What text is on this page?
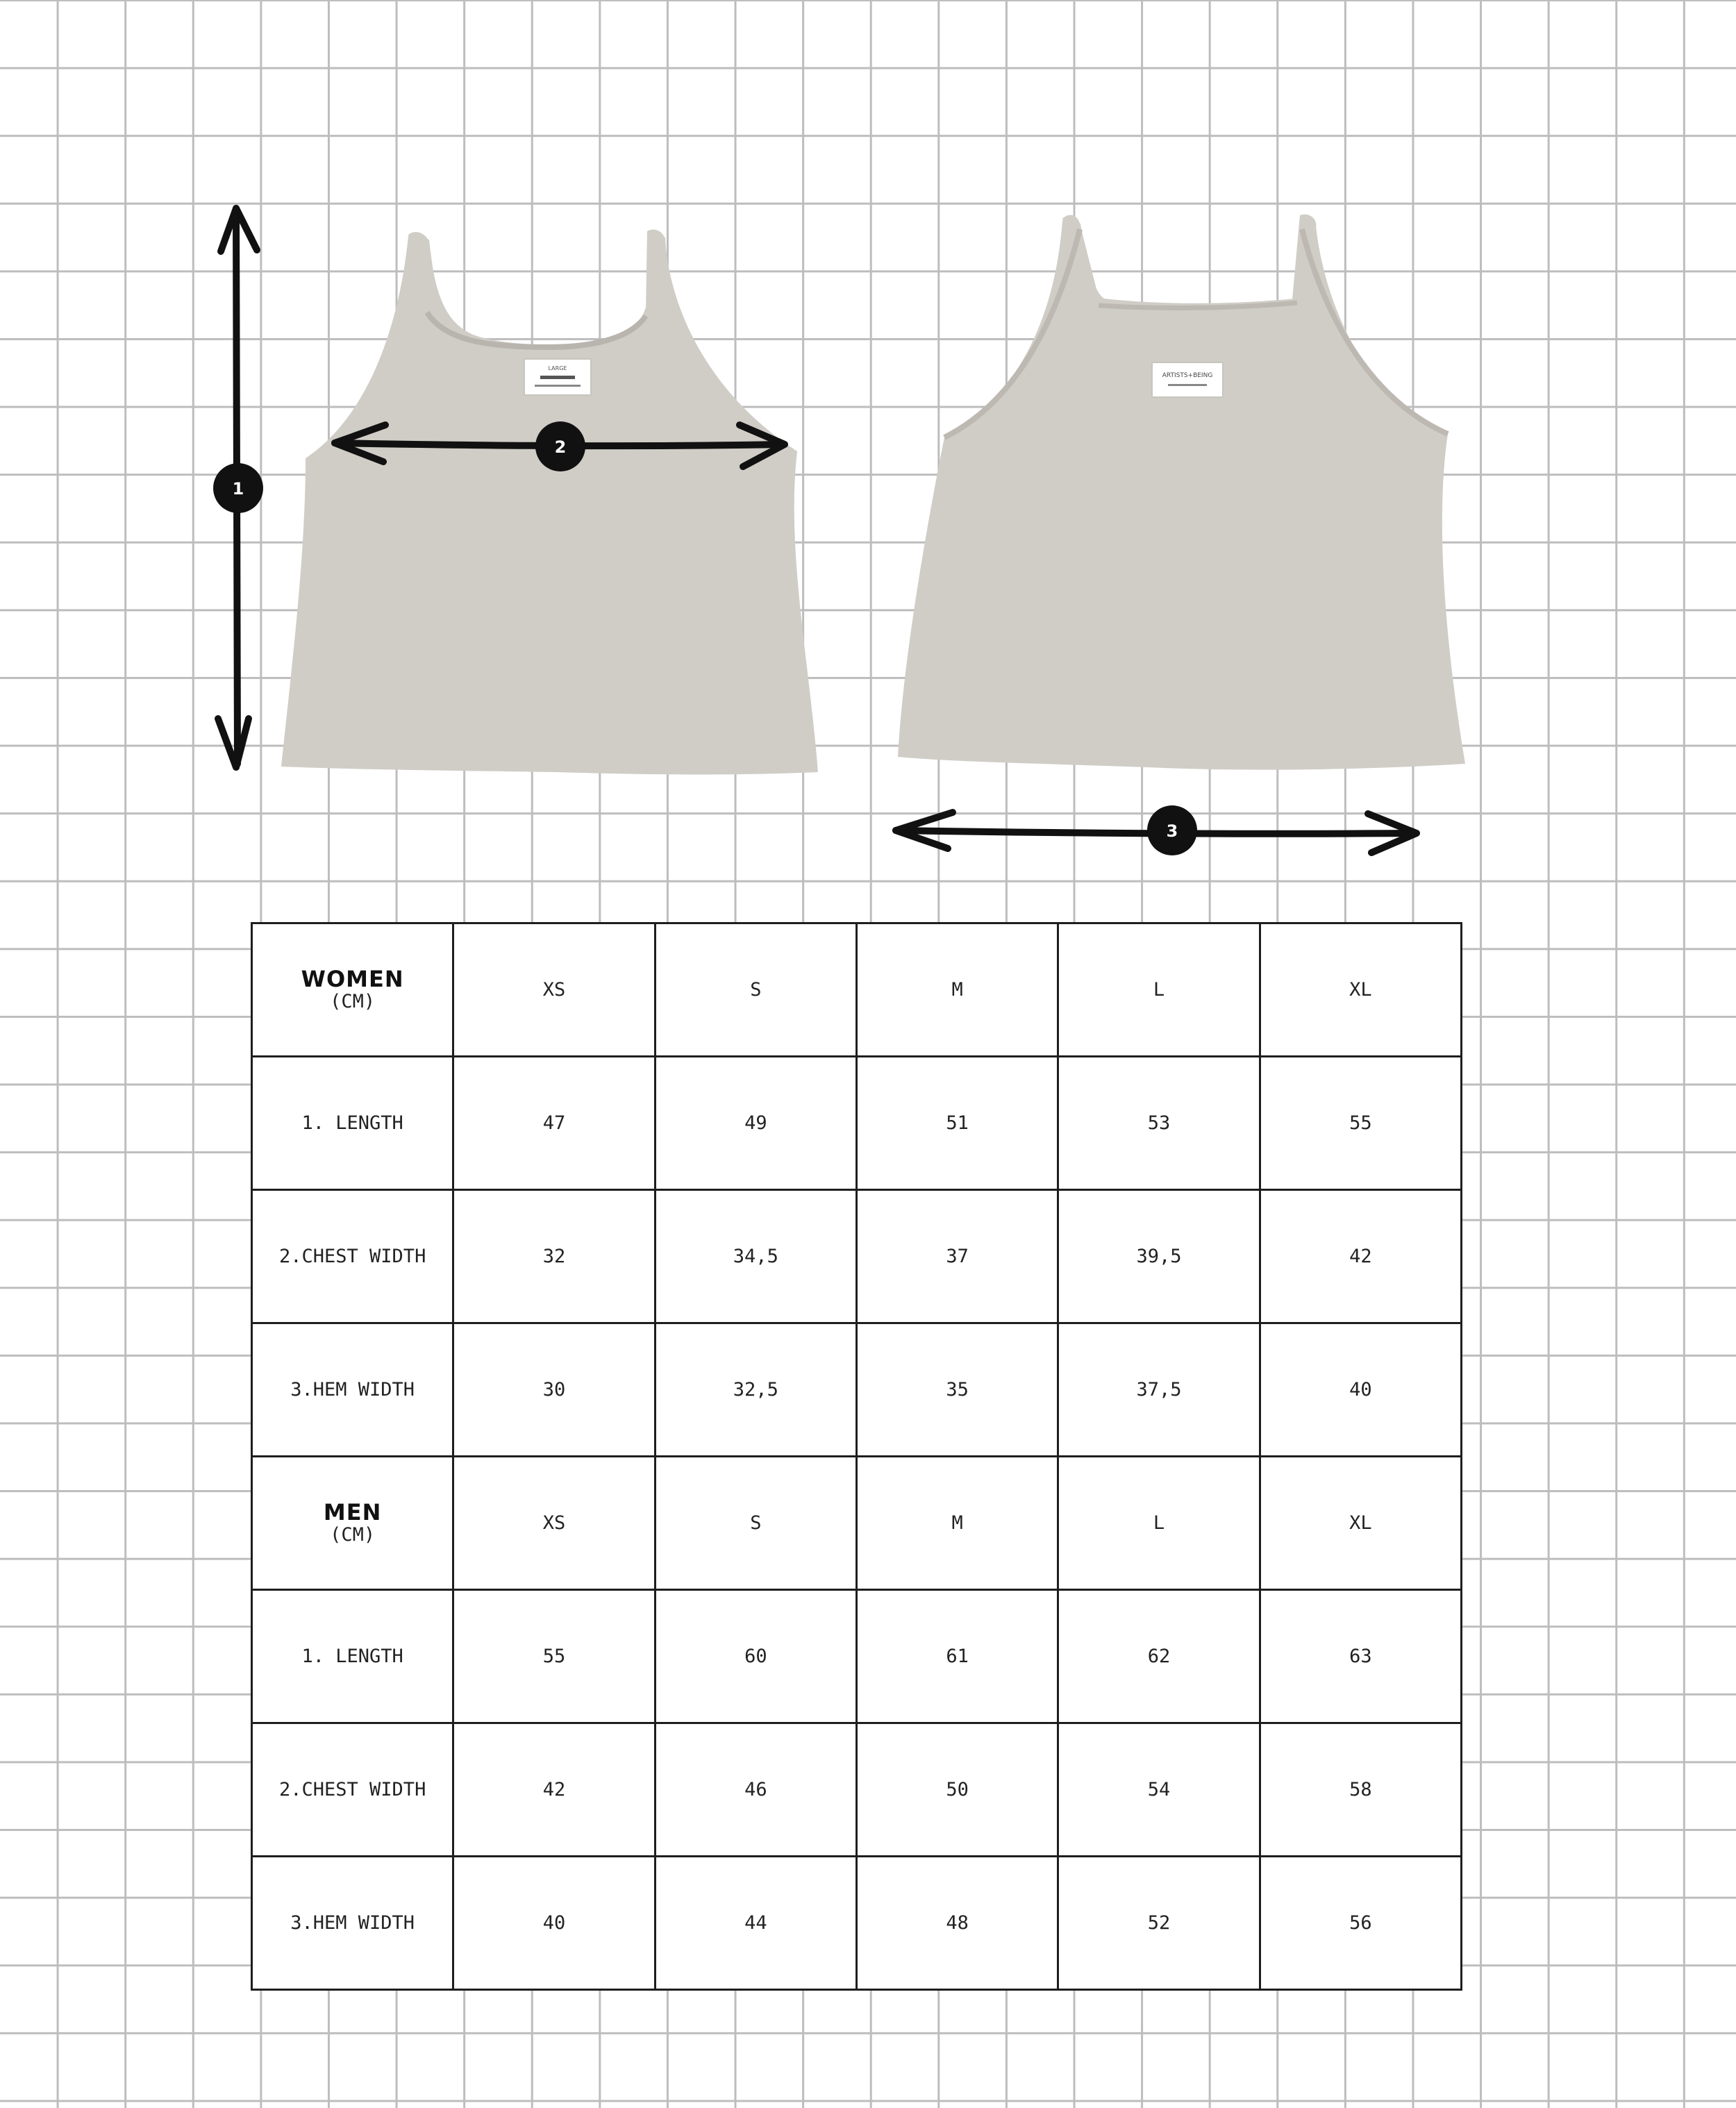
LARGE
ARTISTS+BEING
1
2
3
WOMEN
(CM)	XS	S	M	L	XL
1. LENGTH	47	49	51	53	55
2.CHEST WIDTH	32	34,5	37	39,5	42
3.HEM WIDTH	30	32,5	35	37,5	40

MEN
(CM)	XS	S	M	L	XL
1. LENGTH	55	60	61	62	63
2.CHEST WIDTH	42	46	50	54	58
3.HEM WIDTH	40	44	48	52	56
